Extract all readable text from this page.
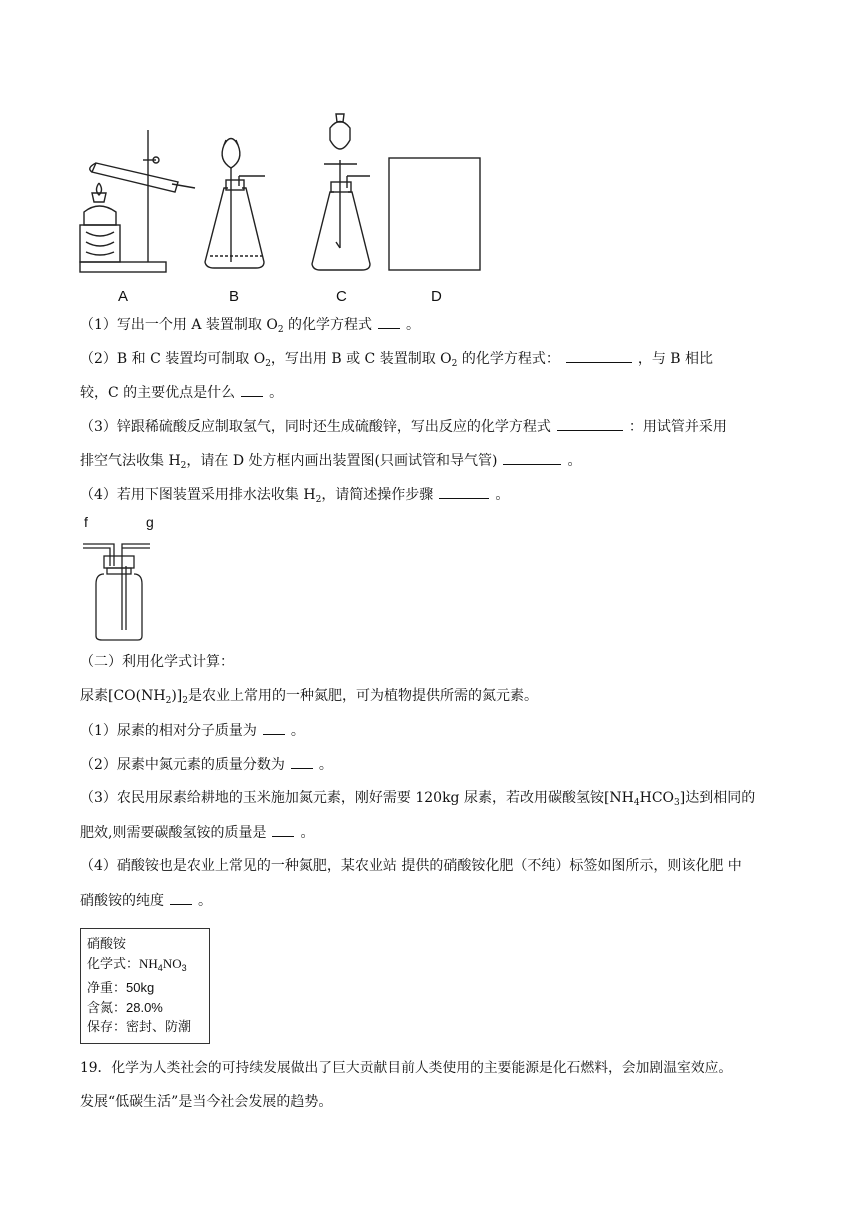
A	B	C	D
（1）写出一个用 A 装置制取 $O_2$ 的化学方程式 。
（2）B 和 C 装置均可制取 $O_2$，写出用 B 或 C 装置制取 $O_2$ 的化学方程式：	，与 B 相比
较，C 的主要优点是什么 。
（3）锌跟稀硫酸反应制取氢气，同时还生成硫酸锌，写出反应的化学方程式	：用试管并采用
排空气法收集 $H_2$，请在 D 处方框内画出装置图(只画试管和导气管)	。
（4）若用下图装置采用排水法收集 $H_2$，请简述操作步骤	。
f	g
（二）利用化学式计算：
尿素$[CO(NH_2)]_2$是农业上常用的一种氮肥，可为植物提供所需的氮元素。
（1）尿素的相对分子质量为 。
（2）尿素中氮元素的质量分数为 。
（3）农民用尿素给耕地的玉米施加氮元素，刚好需要 120kg 尿素，若改用碳酸氢铵$[NH_4HCO_3]$达到相同的
肥效,则需要碳酸氢铵的质量是 。
（4）硝酸铵也是农业上常见的一种氮肥，某农业站 提供的硝酸铵化肥（不纯）标签如图所示，则该化肥 中
硝酸铵的纯度 。
硝酸铵
化学式：$NH_4NO_3$
净重：50kg
含氮：28.0%
保存：密封、防潮
19．化学为人类社会的可持续发展做出了巨大贡献目前人类使用的主要能源是化石燃料，会加剧温室效应。
发展“低碳生活”是当今社会发展的趋势。
